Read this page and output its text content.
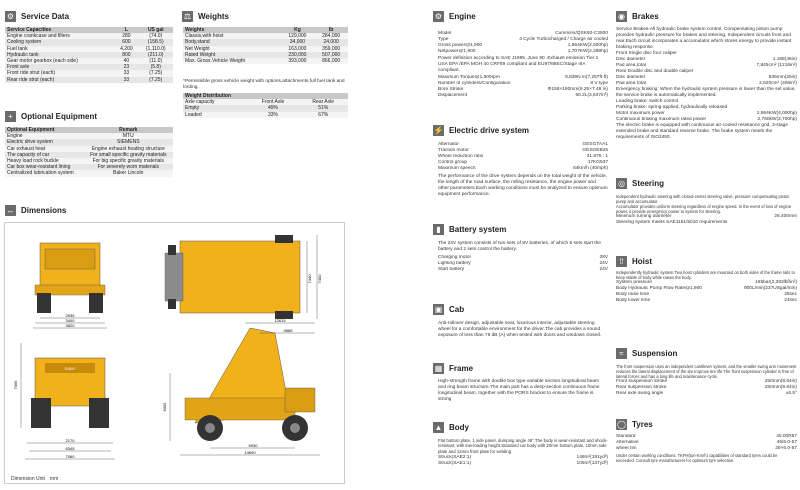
⚙ Service Data
Service Capacities	L	US gal
Engine crankcase and filters	280	(74.0)
Cooling system	600	(158.5)
Fuel tank	4,200	(1,110.0)
Hydraulic tank	800	(211.0)
Gear motor gearbox (each side)	40	(11.0)
Front axle	23	(5.8)
Front ride strut (each)	33	(7.25)
Rear ride strut (each)	33	(7.25)
+	Optional Equipment
Optional Equipment	Remark
Engine	MTU
Electric drive system	SIEMENS
Car exhaust heat	Engine exhaust heating structure
The capacity of car	For small specific gravity materials
Heavy load rock buckle	For big specific gravity materials
Car box wear-resistant lining	For severely worn materials
Centralized lubrication system	Baker Lincoln
↔ Dimensions
2935
3400
3820
7440 7400
SANY
2170
6345
7060
7065
12615
9565
6005
5930
14690
Dimension Unit　mm
⚖ Weights
Weights	Kg	lb
Classis,with hoist	129,000	284,000
Body,stand	34,000	24,000
Net Weight	163,000	359,000
Rated Weight	230,000	507,000
Max. Gross Vehicle Weight	393,000	866,000
*Permissible gross vehicle weight with options,attachments,full fuel tank and lording.
Weight Distribution		
Axle capacity	Front Axle	Rear Axle
Empty	49%	51%
Loaded	33%	67%
⚙ Engine
Model	Cummins/QSK60-C2500
Type	4 Cycle Turbocharged / Charge air cooled
Gross power@1,900	1,864KW(2,500hp)
Netpower@1,900	1,707KW(2,288hp)
Power definition according to SAE J1995 ,June 90 .Exhaust emission Tier 1 USA EPA /EPA MOH 40 CRF89 compliant and EU97/68EC/Stage IIIA compliant.
Maximum Torque@1,500rpm	8,839N.m(7,257ft-ft)
Number of cylinders/Configuration	8 V type
Bore Stroke	Φ159×190mm(6.25×7.48 in)
Displacement	60.2L(3,647in³)
⚡ Electric drive system
Alternator	GESGTAA1
Traction motor	GESGEB25
Wheel reduction ratio	31.875 : 1
Control group	17KG537
Maximum speech	64km/h (40mph)
The performance of the drive system depends on the total weight of the vehicle, the length of the road surface, the rolling resistance, the engine power and other parameters.Each working conditions must be analyzed to ensure optimum equipment performance.
▮	Battery system
The 24V system consists of two sets of 8V batteries, of which 6 sets start the battery and 2 sets control the battery.
Charging motor	28V
Lighting battery	24V
Start battery	24V
▣ Cab
Anti-rollover design, adjustable seat, luxurious interior, adjustable steering wheel for a comfortable environment for the driver.The cab provides a sound exposure of less than 78 dB (A) when tested with doors and windows closed.
▦ Frame
High-strength frame with double box type variable section longitudinal beam and ring beam structure.The main part has a deep-section continuous frame longitudinal beam, together with the PORS bracket to ensure the frame is strong
▲ Body
Flat bottom plate, 1 side panel, dumping angle 48°.The body is wear-resistant and shock-resistant, with low-loading height.Standard car body with 20mm bottom plate, 10mm side plate and 12mm front plate for welding
Struck(SAE2:1)	148m³(191yd³)
Struck(SAE1:1)	105m³(137yd³)
◉ Brakes
Service Brakes-All hydraulic brake system control. Compensating piston pump provides hydraulic pressure for brakes and steering. Independent circuits front and rear.Each circuit incorporates a accumulator which stores energy to provide instant braking response.
Front Single disc four caliper
Disc diameter	1,168(46in)
Pad area,total	7,845cm² (1216in²)
Rear Double disc and double caliper
Disc diameter	635mm(25in)
Pad area total	2,620cm² (406in²)
Emergency braking: When the hydraulic system pressure is lower than the set value, the service brake is automatically implemented.
Loading brake: switch control
Parking brake: spring-applied, hydraulically released
Motor maximum power	2,984KW(4,000hp)
Continuous braking maximum rated power	2,760kW(3,700hp)
The electric brake is equipped with continuous air-cooled resistance grid, 3-stage extended brake and standard reverse brake. The brake system meets the requirements of ISO3450.
◎ Steering
Independent hydraulic steering with closed-center steering valve, pressure compensating piston pump and accumulator.
Accumulator provides uniform steering regardless of engine speed. In the event of loss of engine power, it provide emergency power to system for steering.
Minimum turning diameter	28,400mm
Steering system meets SAE1151/5010 requirements
⇧ Hoist
Independently hydraulic system.Two hoist cylinders are mounted on both sides of the frame rails to keep stable of body while raises the body.
System pressure	165bar(2,393lbf/in²)
Body Hydraulic Pump Flow Rate@1,900	900L/min(237USgal/min)
Body raise time	25sec
Body lower time	24sec
≈	Suspension
The front suspension uses an independent cantilever system, and the smaller swing arm movement reduces the lateral displacement of the tire Improve tire life.The front suspension cylinder is free of lateral forces and has a long life and maintenance cycle.
Front suspension stroke	250mm(9.84in)
Rear suspension stroke	250mm(9.84in)
Rear axle swing angle	±5.5°
◯ Tyres
Standard	40.00R57
Alternative	46/6.0-57
wheel rim	29×6.0-57
Under certain working conditions, TKPH(ton-Km/h) capabilities of standard tyres could be exceeded. Consult tyre manufacturers for optimum tyre selection.
